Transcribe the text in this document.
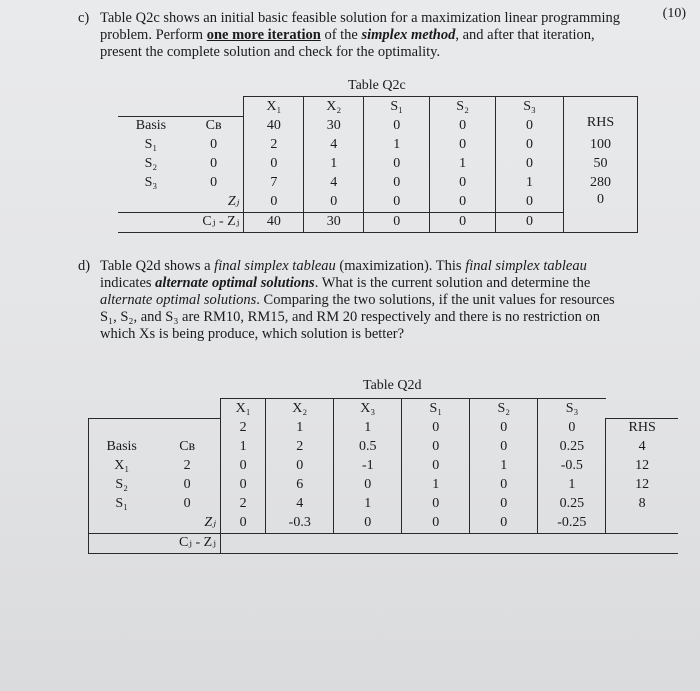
c) Table Q2c shows an initial basic feasible solution for a maximization linear programming
problem. Perform one more iteration of the simplex method, and after that iteration,
present the complete solution and check for the optimality.
(10)
Table Q2c
		X₁	X₂	S₁	S₂	S₃	
Basis	Cʙ	40	30	0	0	0	RHS
S₁	0	2	4	1	0	0	100
S₂	0	0	1	0	1	0	50
S₃	0	7	4	0	0	1	280
	Zⱼ	0	0	0	0	0	0
	Cⱼ - Zⱼ	40	30	0	0	0	
d) Table Q2d shows a final simplex tableau (maximization). This final simplex tableau
indicates alternate optimal solutions. What is the current solution and determine the
alternate optimal solutions. Comparing the two solutions, if the unit values for resources
S₁, S₂, and S₃ are RM10, RM15, and RM 20 respectively and there is no restriction on
which Xs is being produce, which solution is better?
Table Q2d
		X₁	X₂	X₃	S₁	S₂	S₃	
		2	1	1	0	0	0	RHS
Basis	Cʙ	1	2	0.5	0	0	0.25	4
X₁	2	0	0	-1	0	1	-0.5	12
S₂	0	0	6	0	1	0	1	12
S₁	0	2	4	1	0	0	0.25	8
	Zⱼ	0	-0.3	0	0	0	-0.25	
	Cⱼ - Zⱼ							
